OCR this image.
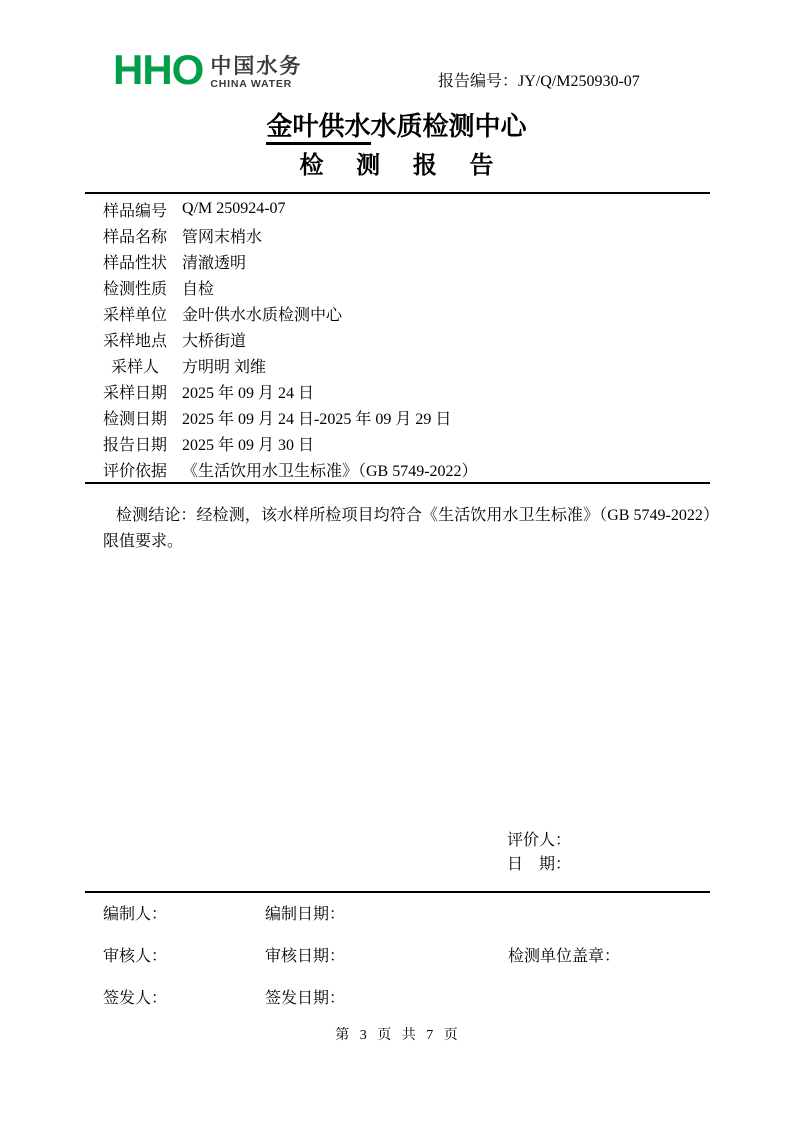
HHO 中国水务
CHINA WATER	报告编号：JY/Q/M250930-07
金叶供水水质检测中心
检 测 报 告
样品编号 Q/M 250924-07
样品名称 管网末梢水
样品性状 清澈透明
检测性质 自检
采样单位 金叶供水水质检测中心
采样地点 大桥街道
采样人	方明明 刘维
采样日期 2025 年 09 月 24 日
检测日期 2025 年 09 月 24 日-2025 年 09 月 29 日
报告日期 2025 年 09 月 30 日
评价依据 《生活饮用水卫生标准》（GB 5749-2022）
检测结论：经检测，该水样所检项目均符合《生活饮用水卫生标准》（GB 5749-2022）限值要求。
评价人：
日　期：
编制人：	编制日期：
审核人：	审核日期：	检测单位盖章：
签发人：	签发日期：
第 3 页 共 7 页
